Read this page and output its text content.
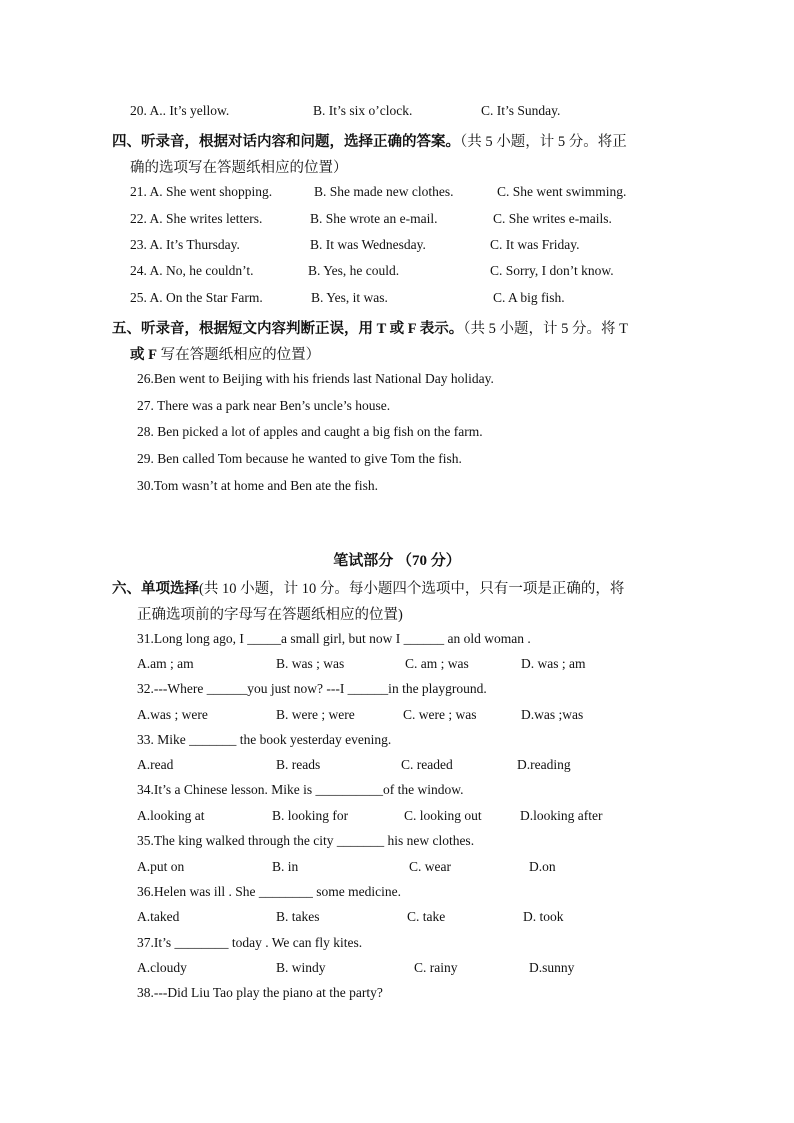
20. A.. It’s yellow.	B. It’s six o’clock.	C. It’s Sunday.
四、听录音，根据对话内容和问题，选择正确的答案。（共 5 小题，计 5 分。将正
确的选项写在答题纸相应的位置）
21. A. She went shopping.	B. She made new clothes.	C. She went swimming.
22. A. She writes letters.	B. She wrote an e-mail.	C. She writes e-mails.
23. A. It’s Thursday.	B. It was Wednesday.	C. It was Friday.
24. A. No, he couldn’t.	B. Yes, he could.	C. Sorry, I don’t know.
25. A. On the Star Farm.	B. Yes, it was.	C. A big fish.
五、听录音，根据短文内容判断正误，用 T 或 F 表示。（共 5 小题，计 5 分。将 T
或 F 写在答题纸相应的位置）
26.Ben went to Beijing with his friends last National Day holiday.
27. There was a park near Ben’s uncle’s house.
28. Ben picked a lot of apples and caught a big fish on the farm.
29. Ben called Tom because he wanted to give Tom the fish.
30.Tom wasn’t at home and Ben ate the fish.
笔试部分 （70 分）
六、单项选择(共 10 小题，计 10 分。每小题四个选项中，只有一项是正确的，将
正确选项前的字母写在答题纸相应的位置)
31.Long long ago, I _____a small girl, but now I ______ an old woman .
A.am ; am	B. was ; was	C. am ; was	D. was ; am
32.---Where ______you just now? ---I ______in the playground.
A.was ; were	B. were ; were	C. were ; was	D.was ;was
33. Mike _______ the book yesterday evening.
A.read	B. reads	C. readed	D.reading
34.It’s a Chinese lesson. Mike is __________of the window.
A.looking at	B. looking for	C. looking out	D.looking after
35.The king walked through the city _______ his new clothes.
A.put on	B. in	C. wear	D.on
36.Helen was ill . She ________ some medicine.
A.taked	B. takes	C. take	D. took
37.It’s ________ today . We can fly kites.
A.cloudy	B. windy	C. rainy	D.sunny
38.---Did Liu Tao play the piano at the party?
